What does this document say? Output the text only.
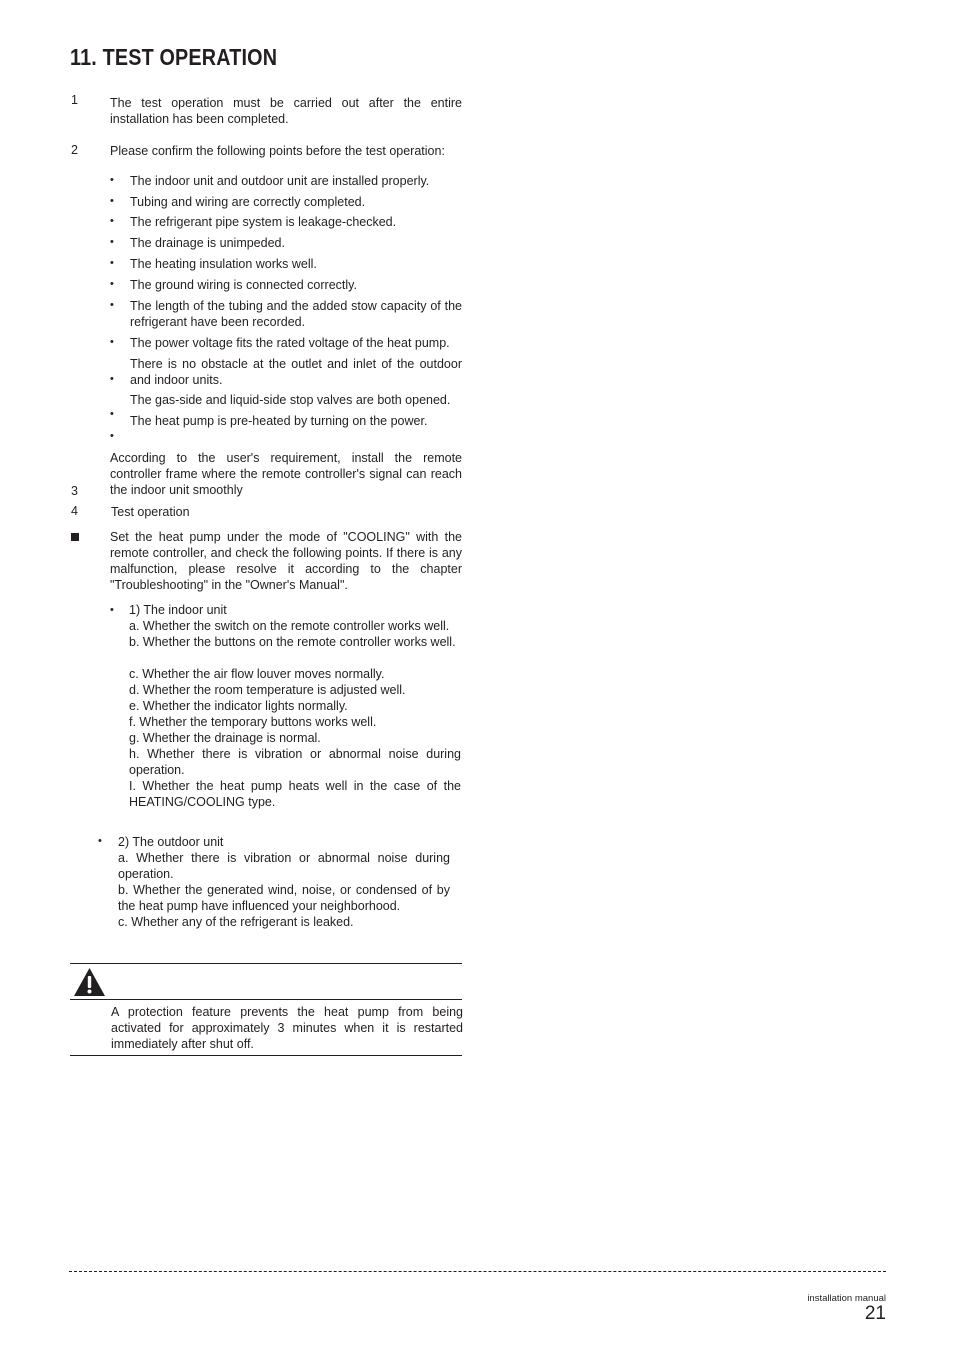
11. TEST OPERATION
1	The test operation must be carried out after the entire installation has been completed.
2	Please confirm the following points before the test operation:
• The indoor unit and outdoor unit are installed properly.
• Tubing and wiring are correctly completed.
• The refrigerant pipe system is leakage-checked.
• The drainage is unimpeded.
• The heating insulation works well.
• The ground wiring is connected correctly.
• The length of the tubing and the added stow capacity of the refrigerant have been recorded.
• The power voltage fits the rated voltage of the heat pump.
•
There is no obstacle at the outlet and inlet of the outdoor and indoor units.
•
The gas-side and liquid-side stop valves are both opened.
•
The heat pump is pre-heated by turning on the power.
According to the user's requirement, install the remote controller frame where the remote controller's signal can reach the indoor unit smoothly
3
4	Test operation
Set the heat pump under the mode of "COOLING" with the remote controller, and check the following points. If there is any malfunction, please resolve it according to the chapter "Troubleshooting" in the "Owner's Manual".
• 1) The indoor unit
a. Whether the switch on the remote controller works well.
b. Whether the buttons on the remote controller works well.
c. Whether the air flow louver moves normally.
d. Whether the room temperature is adjusted well.
e. Whether the indicator lights normally.
f. Whether the temporary buttons works well.
g. Whether the drainage is normal.
h. Whether there is vibration or abnormal noise during operation.
I. Whether the heat pump heats well in the case of the HEATING/COOLING type.
• 2) The outdoor unit
a. Whether there is vibration or abnormal noise during operation.
b. Whether the generated wind, noise, or condensed of by the heat pump have influenced your neighborhood.
c. Whether any of the refrigerant is leaked.
A protection feature prevents the heat pump from being activated for approximately 3 minutes when it is restarted immediately after shut off.
installation manual
21
